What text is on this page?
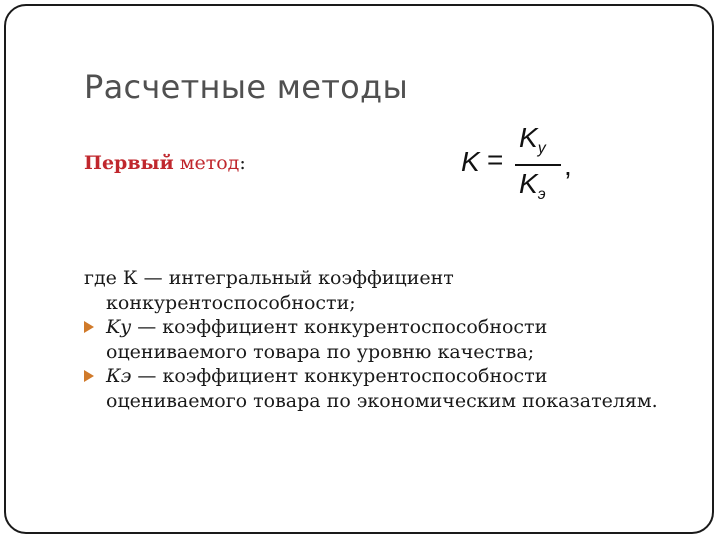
Расчетные методы
Первый метод:	K =
$K_у$
$K_э$
,

где К — интегральный коэффициент конкурентоспособности;

Kу — коэффициент конкурентоспособности оцениваемого товара по уровню качества;
Кэ — коэффициент конкурентоспособности оцениваемого товара по экономическим показателям.
